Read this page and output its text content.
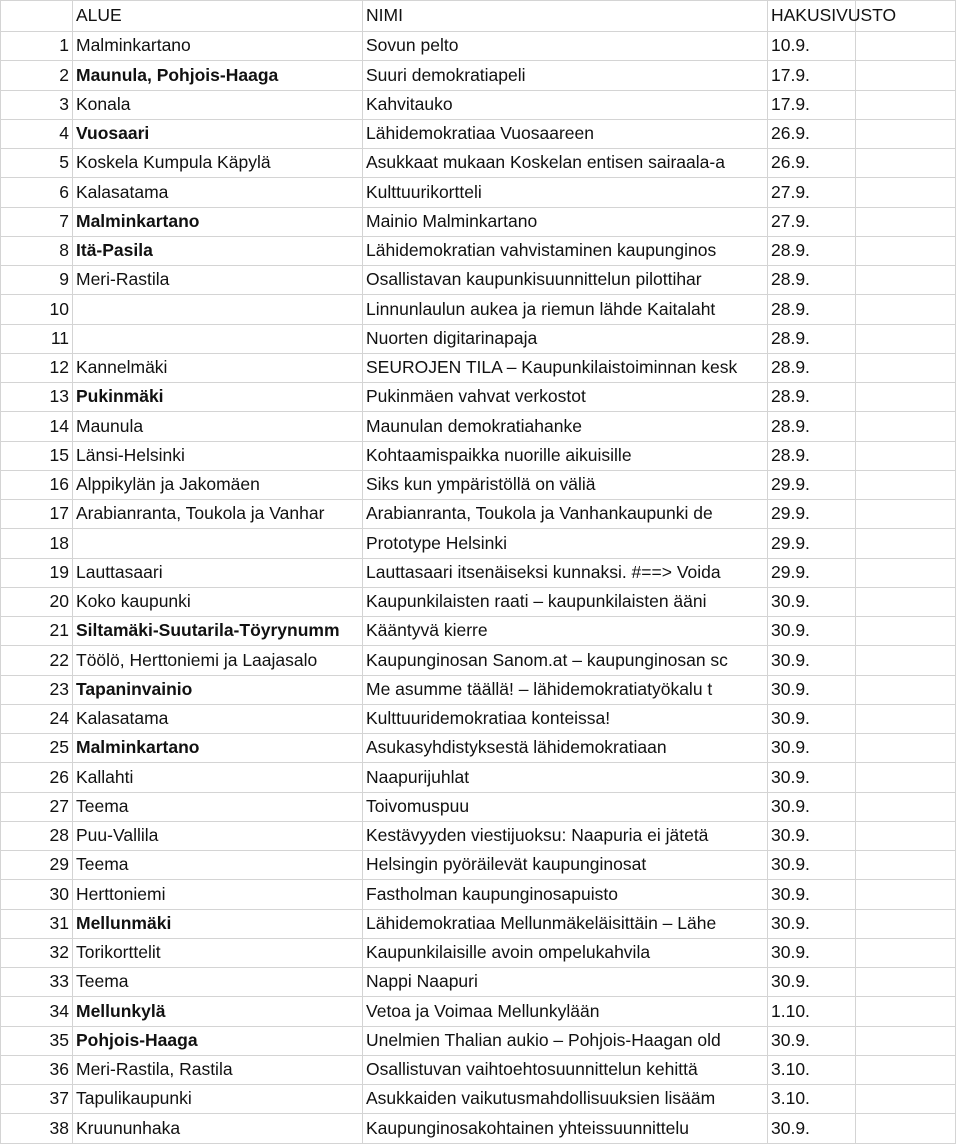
	ALUE	NIMI	HAKUSIVUSTO	
1	Malminkartano	Sovun pelto	10.9.	
2	Maunula, Pohjois-Haaga	Suuri demokratiapeli	17.9.	
3	Konala	Kahvitauko	17.9.	
4	Vuosaari	Lähidemokratiaa Vuosaareen	26.9.	
5	Koskela Kumpula Käpylä	Asukkaat mukaan Koskelan entisen sairaala-a	26.9.	
6	Kalasatama	Kulttuurikortteli	27.9.	
7	Malminkartano	Mainio Malminkartano	27.9.	
8	Itä-Pasila	Lähidemokratian vahvistaminen kaupunginos	28.9.	
9	Meri-Rastila	Osallistavan kaupunkisuunnittelun pilottihar	28.9.	
10		Linnunlaulun aukea ja riemun lähde Kaitalaht	28.9.	
11		Nuorten digitarinapaja	28.9.	
12	Kannelmäki	SEUROJEN TILA – Kaupunkilaistoiminnan kesk	28.9.	
13	Pukinmäki	Pukinmäen vahvat verkostot	28.9.	
14	Maunula	Maunulan demokratiahanke	28.9.	
15	Länsi-Helsinki	Kohtaamispaikka nuorille aikuisille	28.9.	
16	Alppikylän ja Jakomäen	Siks kun ympäristöllä on väliä	29.9.	
17	Arabianranta, Toukola ja Vanhar	Arabianranta, Toukola ja Vanhankaupunki de	29.9.	
18		Prototype Helsinki	29.9.	
19	Lauttasaari	Lauttasaari itsenäiseksi kunnaksi. #==> Voida	29.9.	
20	Koko kaupunki	Kaupunkilaisten raati – kaupunkilaisten ääni	30.9.	
21	Siltamäki-Suutarila-Töyrynumm	Kääntyvä kierre	30.9.	
22	Töölö, Herttoniemi ja Laajasalo	Kaupunginosan Sanom.at – kaupunginosan sc	30.9.	
23	Tapaninvainio	Me asumme täällä! – lähidemokratiatyökalu t	30.9.	
24	Kalasatama	Kulttuuridemokratiaa konteissa!	30.9.	
25	Malminkartano	Asukasyhdistyksestä lähidemokratiaan	30.9.	
26	Kallahti	Naapurijuhlat	30.9.	
27	Teema	Toivomuspuu	30.9.	
28	Puu-Vallila	Kestävyyden viestijuoksu: Naapuria ei jätetä	30.9.	
29	Teema	Helsingin pyöräilevät kaupunginosat	30.9.	
30	Herttoniemi	Fastholman kaupunginosapuisto	30.9.	
31	Mellunmäki	Lähidemokratiaa Mellunmäkeläisittäin – Lähe	30.9.	
32	Torikorttelit	Kaupunkilaisille avoin ompelukahvila	30.9.	
33	Teema	Nappi Naapuri	30.9.	
34	Mellunkylä	Vetoa ja Voimaa Mellunkylään	1.10.	
35	Pohjois-Haaga	Unelmien Thalian aukio – Pohjois-Haagan old	30.9.	
36	Meri-Rastila, Rastila	Osallistuvan vaihtoehtosuunnittelun kehittä	3.10.	
37	Tapulikaupunki	Asukkaiden vaikutusmahdollisuuksien lisääm	3.10.	
38	Kruununhaka	Kaupunginosakohtainen yhteissuunnittelu	30.9.	
